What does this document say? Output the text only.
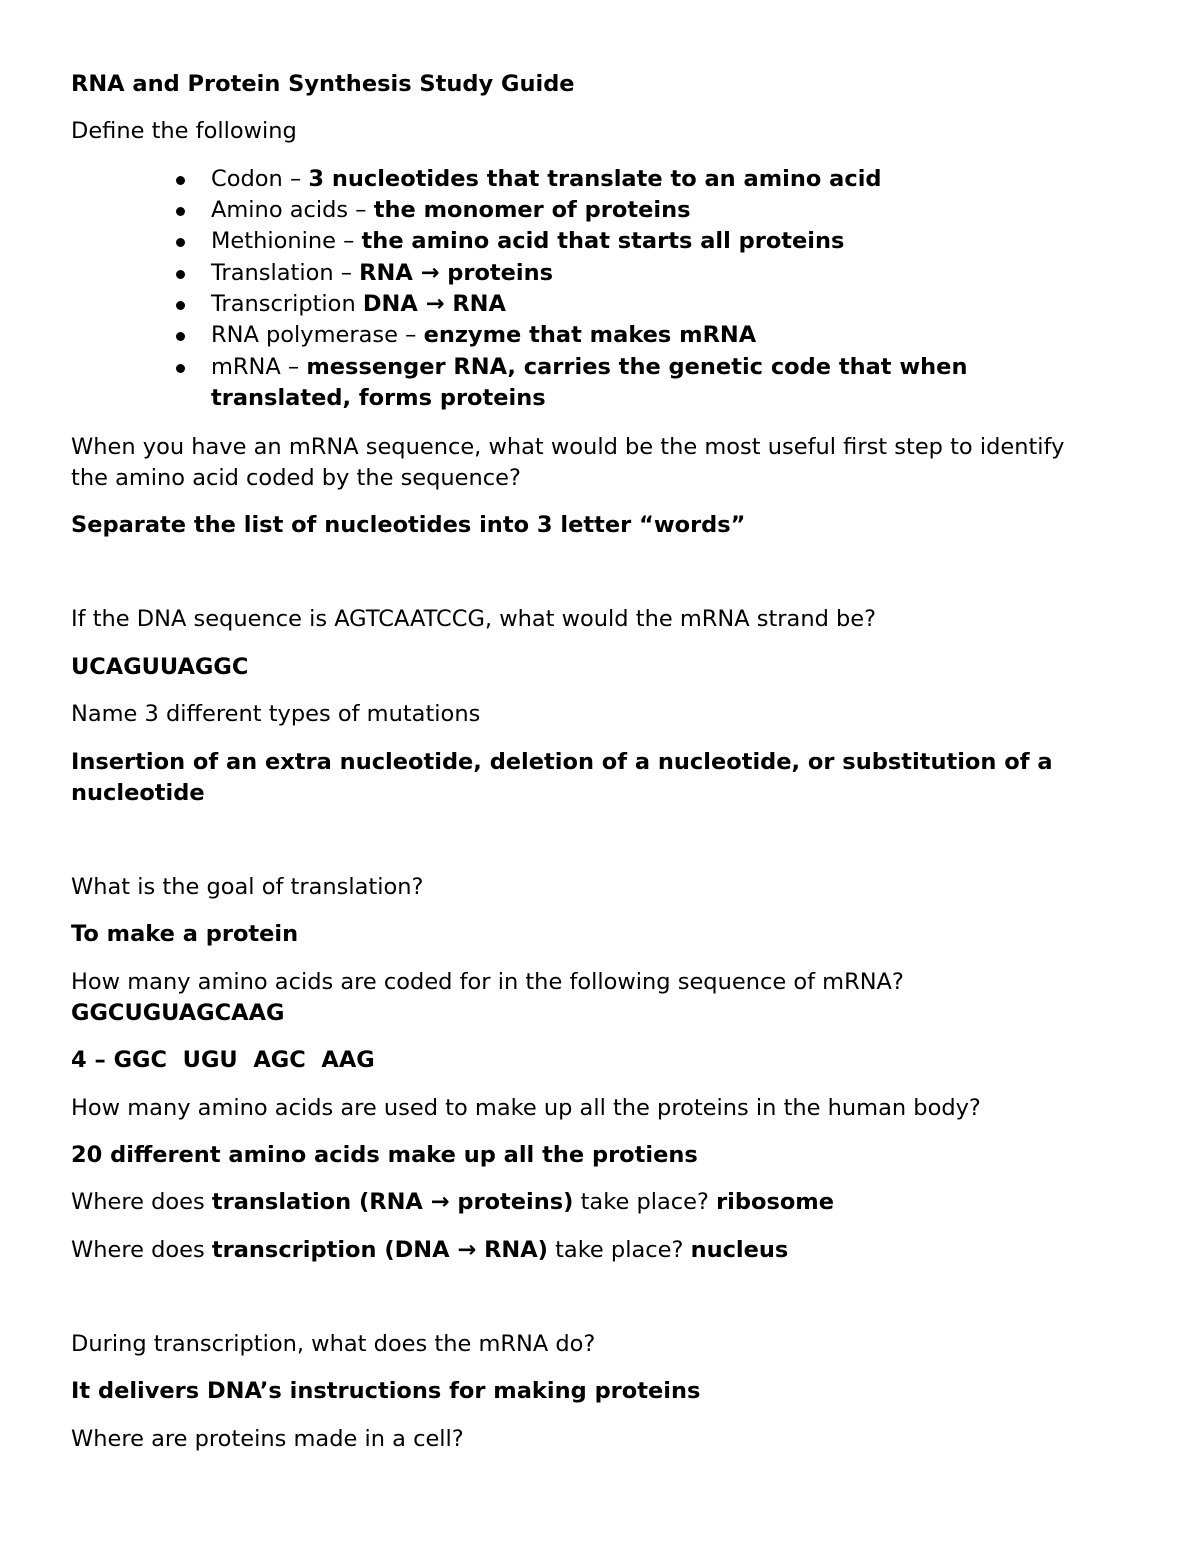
RNA and Protein Synthesis Study Guide
Define the following
Codon – 3 nucleotides that translate to an amino acid
Amino acids – the monomer of proteins
Methionine – the amino acid that starts all proteins
Translation – RNA → proteins
Transcription DNA → RNA
RNA polymerase – enzyme that makes mRNA
mRNA – messenger RNA, carries the genetic code that when
translated, forms proteins
When you have an mRNA sequence, what would be the most useful first step to identify
the amino acid coded by the sequence?
Separate the list of nucleotides into 3 letter “words”
If the DNA sequence is AGTCAATCCG, what would the mRNA strand be?
UCAGUUAGGC
Name 3 different types of mutations
Insertion of an extra nucleotide, deletion of a nucleotide, or substitution of a
nucleotide
What is the goal of translation?
To make a protein
How many amino acids are coded for in the following sequence of mRNA?
GGCUGUAGCAAG
4 – GGC  UGU  AGC  AAG
How many amino acids are used to make up all the proteins in the human body?
20 different amino acids make up all the protiens
Where does translation (RNA → proteins) take place? ribosome
Where does transcription (DNA → RNA) take place? nucleus
During transcription, what does the mRNA do?
It delivers DNA’s instructions for making proteins
Where are proteins made in a cell?
